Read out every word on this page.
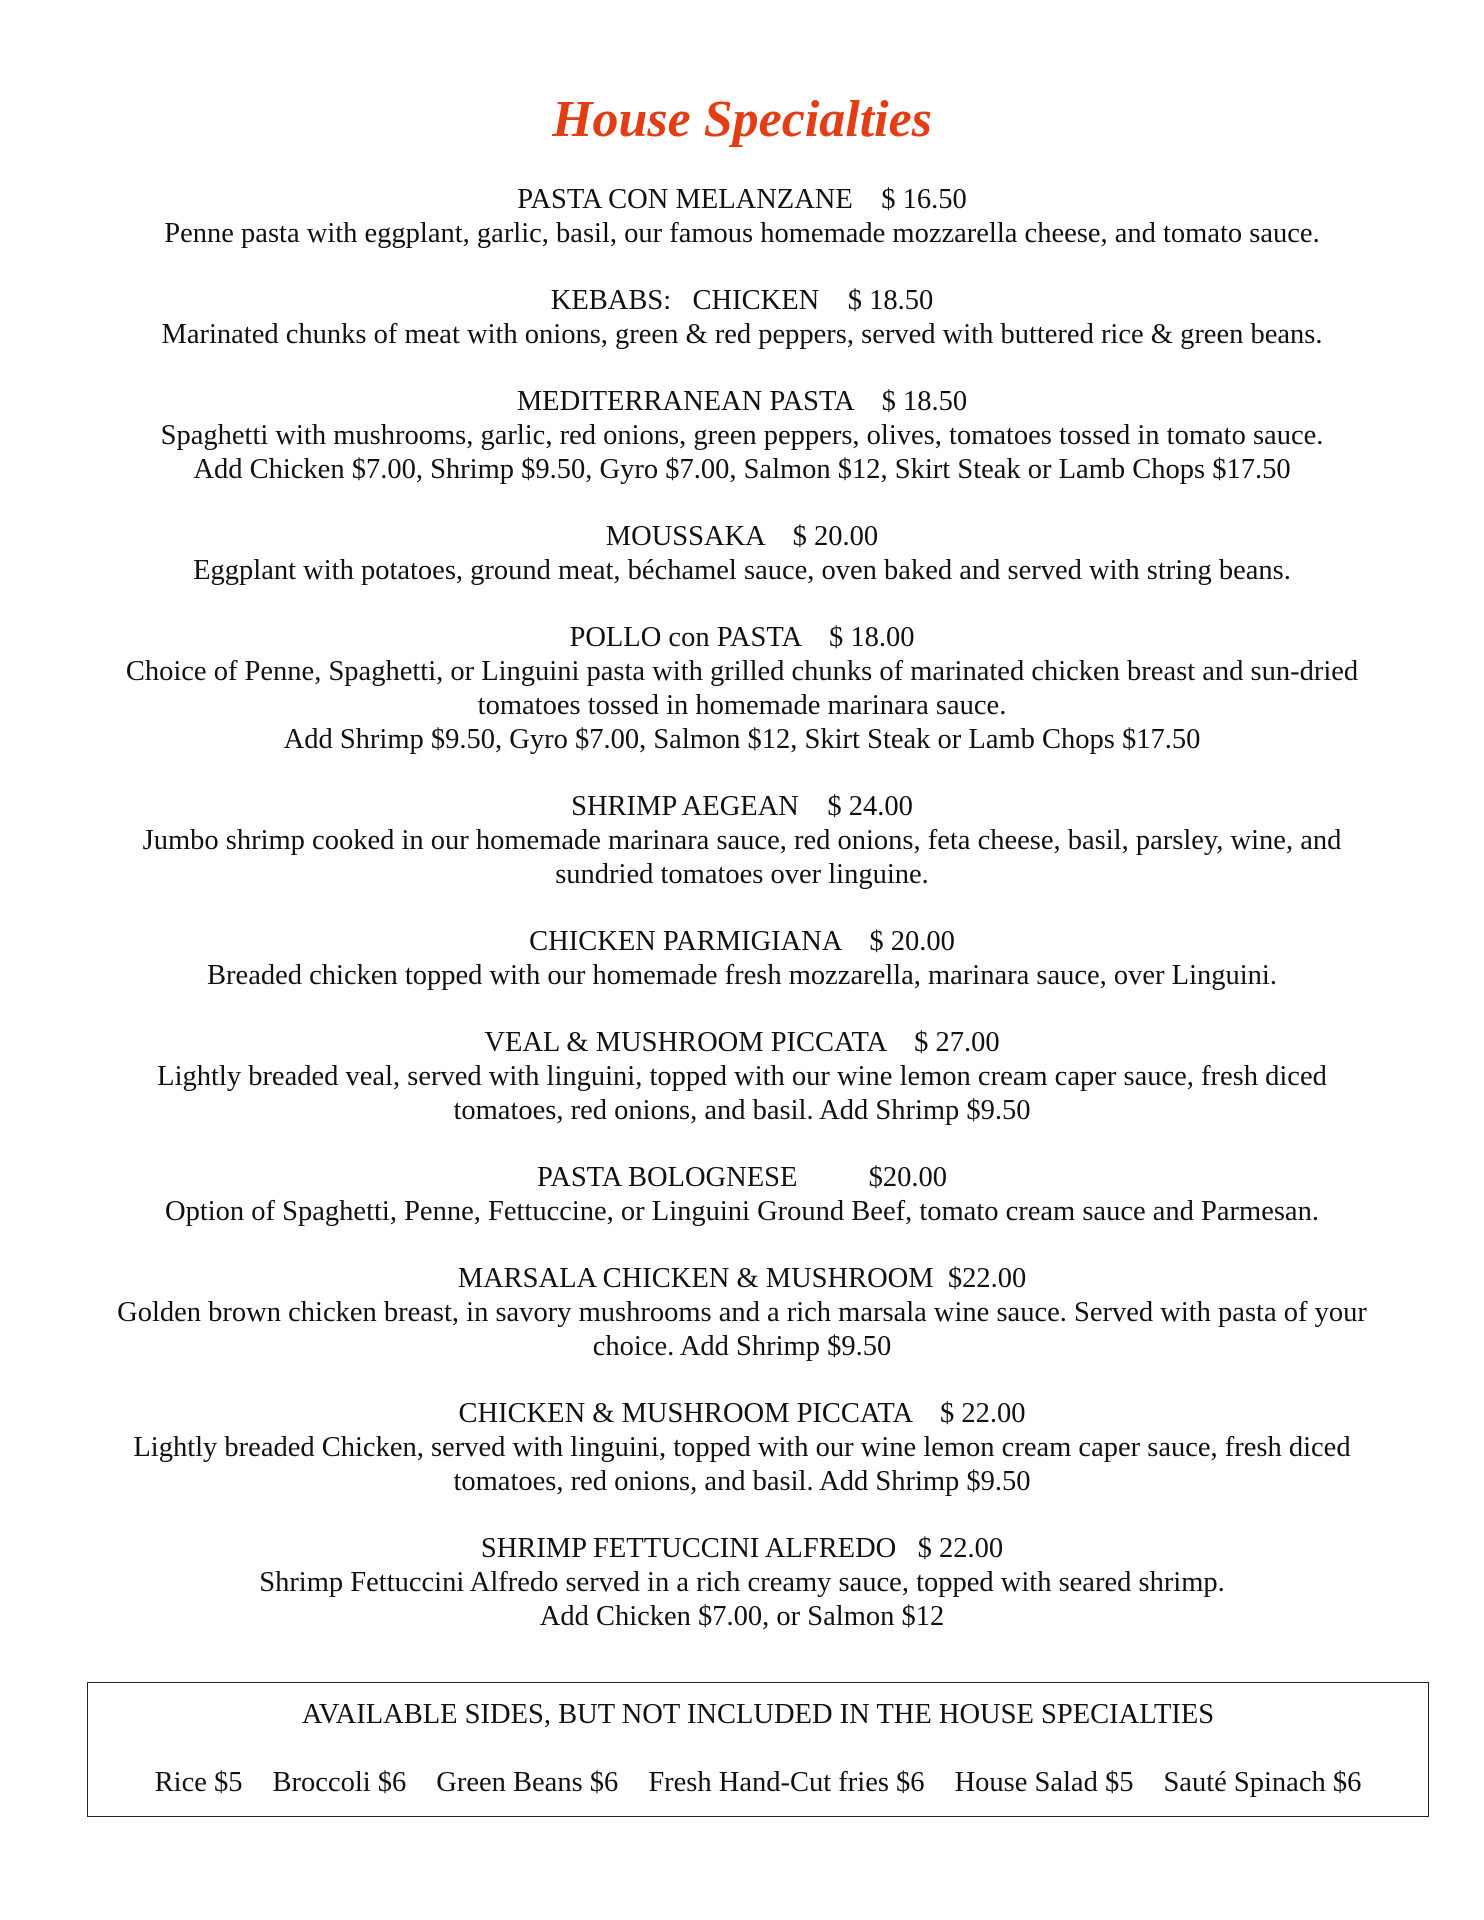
House Specialties
PASTA CON MELANZANE    $ 16.50
Penne pasta with eggplant, garlic, basil, our famous homemade mozzarella cheese, and tomato sauce.
KEBABS:   CHICKEN    $ 18.50
Marinated chunks of meat with onions, green & red peppers, served with buttered rice & green beans.
MEDITERRANEAN PASTA    $ 18.50
Spaghetti with mushrooms, garlic, red onions, green peppers, olives, tomatoes tossed in tomato sauce.
Add Chicken $7.00, Shrimp $9.50, Gyro $7.00, Salmon $12, Skirt Steak or Lamb Chops $17.50
MOUSSAKA    $ 20.00
Eggplant with potatoes, ground meat, béchamel sauce, oven baked and served with string beans.
POLLO con PASTA    $ 18.00
Choice of Penne, Spaghetti, or Linguini pasta with grilled chunks of marinated chicken breast and sun-dried
tomatoes tossed in homemade marinara sauce.
Add Shrimp $9.50, Gyro $7.00, Salmon $12, Skirt Steak or Lamb Chops $17.50
SHRIMP AEGEAN    $ 24.00
Jumbo shrimp cooked in our homemade marinara sauce, red onions, feta cheese, basil, parsley, wine, and
sundried tomatoes over linguine.
CHICKEN PARMIGIANA    $ 20.00
Breaded chicken topped with our homemade fresh mozzarella, marinara sauce, over Linguini.
VEAL & MUSHROOM PICCATA    $ 27.00
Lightly breaded veal, served with linguini, topped with our wine lemon cream caper sauce, fresh diced
tomatoes, red onions, and basil. Add Shrimp $9.50
PASTA BOLOGNESE          $20.00
Option of Spaghetti, Penne, Fettuccine, or Linguini Ground Beef, tomato cream sauce and Parmesan.
MARSALA CHICKEN & MUSHROOM  $22.00
Golden brown chicken breast, in savory mushrooms and a rich marsala wine sauce. Served with pasta of your
choice. Add Shrimp $9.50
CHICKEN & MUSHROOM PICCATA    $ 22.00
Lightly breaded Chicken, served with linguini, topped with our wine lemon cream caper sauce, fresh diced
tomatoes, red onions, and basil. Add Shrimp $9.50
SHRIMP FETTUCCINI ALFREDO   $ 22.00
Shrimp Fettuccini Alfredo served in a rich creamy sauce, topped with seared shrimp.
Add Chicken $7.00, or Salmon $12
AVAILABLE SIDES, BUT NOT INCLUDED IN THE HOUSE SPECIALTIES
Rice $5 Broccoli $6 Green Beans $6 Fresh Hand-Cut fries $6 House Salad $5 Sauté Spinach $6
